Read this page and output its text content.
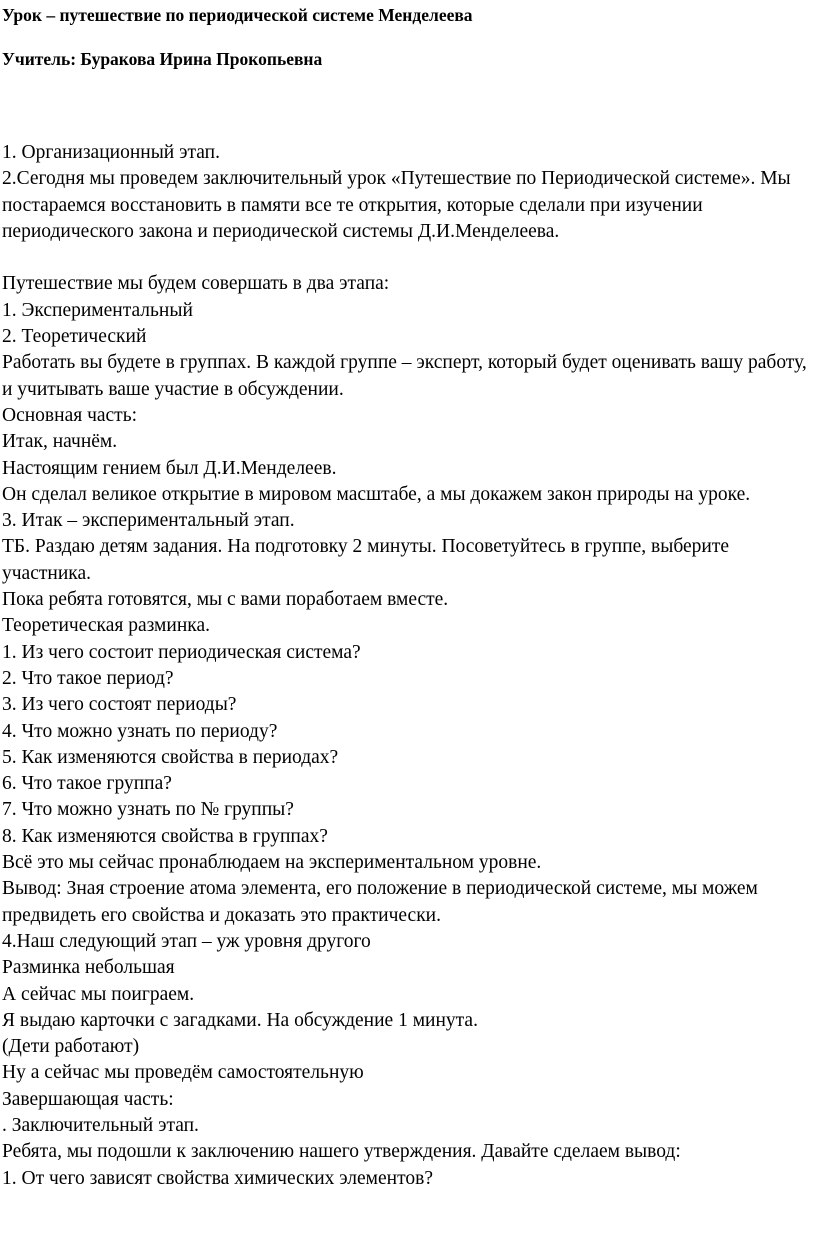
Урок – путешествие по периодической системе Менделеева
Учитель: Буракова Ирина Прокопьевна

1. Организационный этап.

2.Сегодня мы проведем заключительный урок «Путешествие по Периодической системе». Мы постараемся восстановить в памяти все те открытия, которые сделали при изучении периодического закона и периодической системы Д.И.Менделеева.

Путешествие мы будем совершать в два этапа:

1. Экспериментальный

2. Теоретический

Работать вы будете в группах. В каждой группе – эксперт, который будет оценивать вашу работу, и учитывать ваше участие в обсуждении.

Основная часть:

Итак, начнём.

Настоящим гением был Д.И.Менделеев.

Он сделал великое открытие в мировом масштабе, а мы докажем закон природы на уроке.

3. Итак – экспериментальный этап.

ТБ. Раздаю детям задания. На подготовку 2 минуты. Посоветуйтесь в группе, выберите участника.

Пока ребята готовятся, мы с вами поработаем вместе.

Теоретическая разминка.

1. Из чего состоит периодическая система?

2. Что такое период?

3. Из чего состоят периоды?

4. Что можно узнать по периоду?

5. Как изменяются свойства в периодах?

6. Что такое группа?

7. Что можно узнать по № группы?

8. Как изменяются свойства в группах?

Всё это мы сейчас пронаблюдаем на экспериментальном уровне.

Вывод: Зная строение атома элемента, его положение в периодической системе, мы можем предвидеть его свойства и доказать это практически.

4.Наш следующий этап – уж уровня другого

Разминка небольшая

А сейчас мы поиграем.

Я выдаю карточки с загадками. На обсуждение 1 минута.

(Дети работают)

Ну а сейчас мы проведём самостоятельную

Завершающая часть:

. Заключительный этап.

Ребята, мы подошли к заключению нашего утверждения. Давайте сделаем вывод:

1. От чего зависят свойства химических элементов?
